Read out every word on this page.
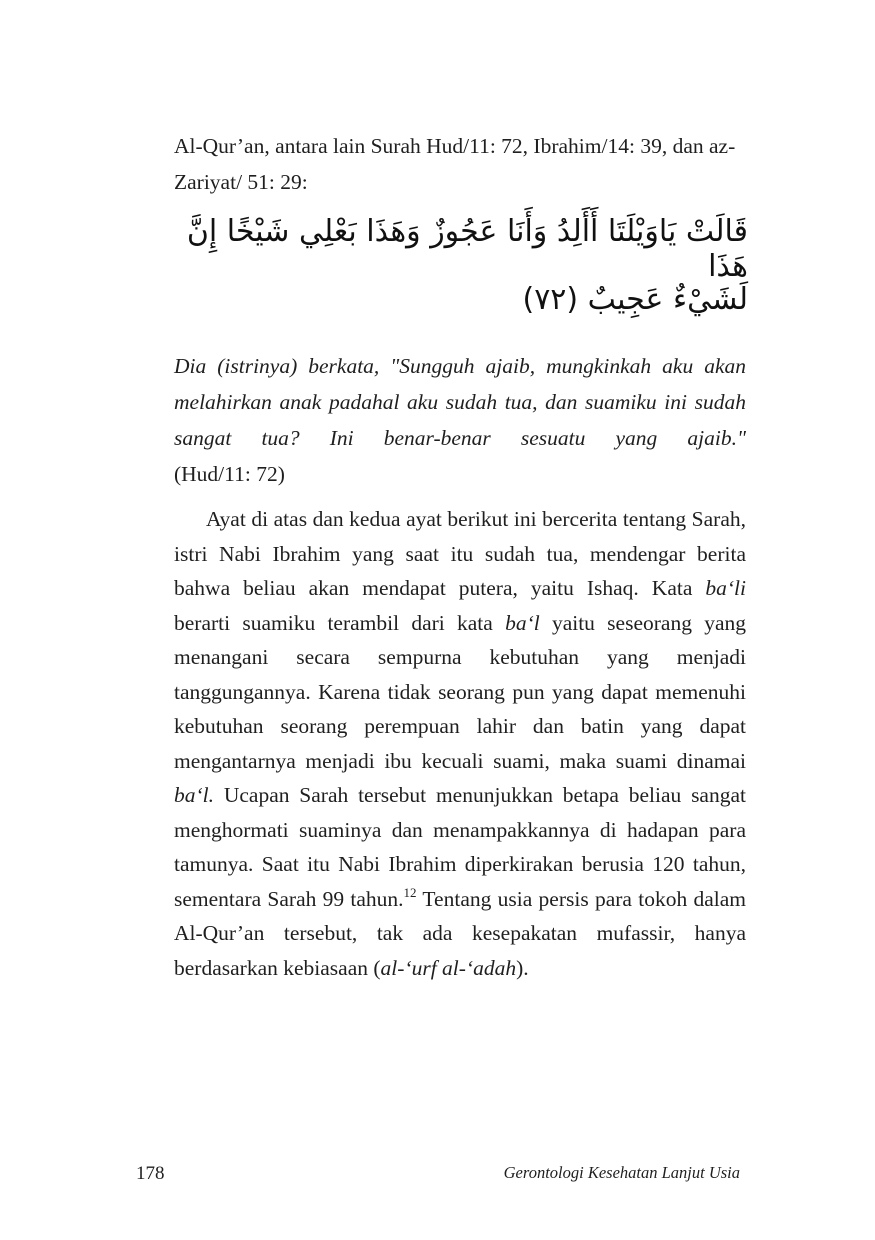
Al-Qur’an, antara lain Surah Hud/11: 72, Ibrahim/14: 39, dan az-Zariyat/ 51: 29:

قَالَتْ يَاوَيْلَتَا أَأَلِدُ وَأَنَا عَجُوزٌ وَهَذَا بَعْلِي شَيْخًا إِنَّ هَذَا
لَشَيْءٌ عَجِيبٌ (٧٢)

Dia (istrinya) berkata, "Sungguh ajaib, mungkinkah aku akan melahirkan anak padahal aku sudah tua, dan suamiku ini sudah sangat tua? Ini benar-benar sesuatu yang ajaib."

(Hud/11: 72)

Ayat di atas dan kedua ayat berikut ini bercerita tentang Sarah, istri Nabi Ibrahim yang saat itu sudah tua, mendengar berita bahwa beliau akan mendapat putera, yaitu Ishaq. Kata ba‘li berarti suamiku terambil dari kata ba‘l yaitu seseorang yang menangani secara sempurna kebutuhan yang menjadi tanggungannya. Karena tidak seorang pun yang dapat memenuhi kebutuhan seorang perempuan lahir dan batin yang dapat mengantarnya menjadi ibu kecuali suami, maka suami dinamai ba‘l. Ucapan Sarah tersebut menunjukkan betapa beliau sangat menghormati suaminya dan menampakkannya di hadapan para tamunya. Saat itu Nabi Ibrahim diperkirakan berusia 120 tahun, sementara Sarah 99 tahun.$^{12}$ Tentang usia persis para tokoh dalam Al-Qur’an tersebut, tak ada kesepakatan mufassir, hanya berdasarkan kebiasaan (al-‘urf al-‘adah).

178	Gerontologi Kesehatan Lanjut Usia
